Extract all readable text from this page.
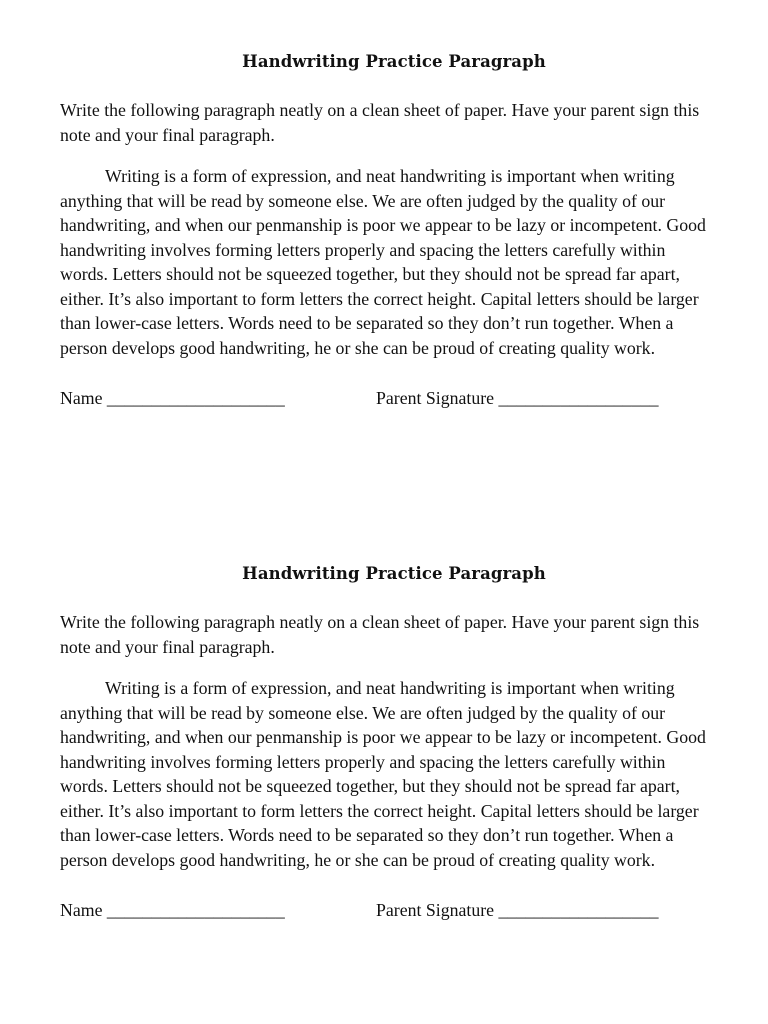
Handwriting Practice Paragraph

Write the following paragraph neatly on a clean sheet of paper. Have your parent sign this note and your final paragraph.

Writing is a form of expression, and neat handwriting is important when writing anything that will be read by someone else. We are often judged by the quality of our handwriting, and when our penmanship is poor we appear to be lazy or incompetent. Good handwriting involves forming letters properly and spacing the letters carefully within words. Letters should not be squeezed together, but they should not be spread far apart, either. It’s also important to form letters the correct height. Capital letters should be larger than lower-case letters. Words need to be separated so they don’t run together. When a person develops good handwriting, he or she can be proud of creating quality work.

Name ____________________	Parent Signature __________________
Handwriting Practice Paragraph

Write the following paragraph neatly on a clean sheet of paper. Have your parent sign this note and your final paragraph.

Writing is a form of expression, and neat handwriting is important when writing anything that will be read by someone else. We are often judged by the quality of our handwriting, and when our penmanship is poor we appear to be lazy or incompetent. Good handwriting involves forming letters properly and spacing the letters carefully within words. Letters should not be squeezed together, but they should not be spread far apart, either. It’s also important to form letters the correct height. Capital letters should be larger than lower-case letters. Words need to be separated so they don’t run together. When a person develops good handwriting, he or she can be proud of creating quality work.

Name ____________________	Parent Signature __________________
